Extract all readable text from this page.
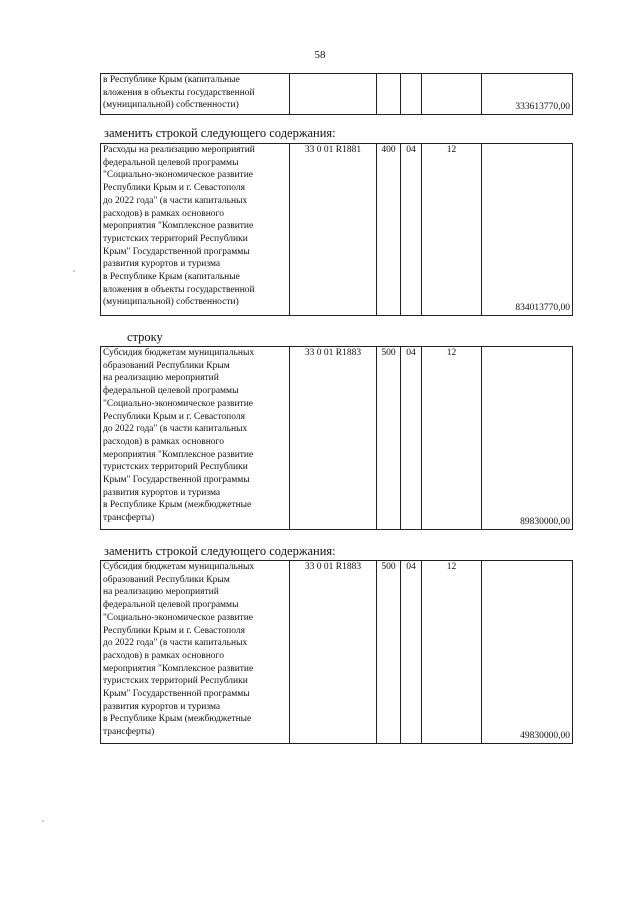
58
в Республике Крым (капитальные
вложения в объекты государственной
(муниципальной) собственности)					333613770,00
заменить строкой следующего содержания:
Расходы на реализацию мероприятий
федеральной целевой программы
"Социально-экономическое развитие
Республики Крым и г. Севастополя
до 2022 года" (в части капитальных
расходов) в рамках основного
мероприятия "Комплексное развитие
туристских территорий Республики
Крым" Государственной программы
развития курортов и туризма
в Республике Крым (капитальные
вложения в объекты государственной
(муниципальной) собственности)	33 0 01 R1881	400	04	12	834013770,00
строку
Субсидия бюджетам муниципальных
образований Республики Крым
на реализацию мероприятий
федеральной целевой программы
"Социально-экономическое развитие
Республики Крым и г. Севастополя
до 2022 года" (в части капитальных
расходов) в рамках основного
мероприятия "Комплексное развитие
туристских территорий Республики
Крым" Государственной программы
развития курортов и туризма
в Республике Крым (межбюджетные
трансферты)	33 0 01 R1883	500	04	12	89830000,00
заменить строкой следующего содержания:
Субсидия бюджетам муниципальных
образований Республики Крым
на реализацию мероприятий
федеральной целевой программы
"Социально-экономическое развитие
Республики Крым и г. Севастополя
до 2022 года" (в части капитальных
расходов) в рамках основного
мероприятия "Комплексное развитие
туристских территорий Республики
Крым" Государственной программы
развития курортов и туризма
в Республике Крым (межбюджетные
трансферты)	33 0 01 R1883	500	04	12	49830000,00
